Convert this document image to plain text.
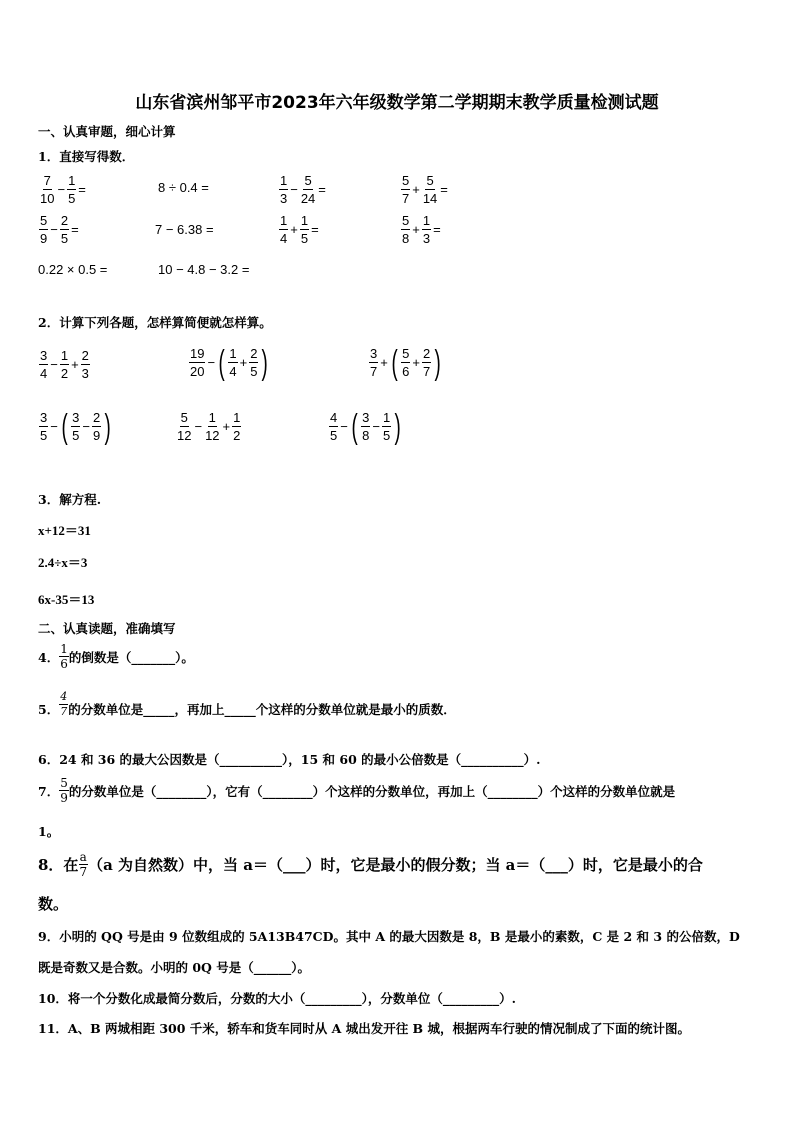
山东省滨州邹平市2023年六年级数学第二学期期末教学质量检测试题
一、认真审题，细心计算
1．直接写得数．
$\frac{7}{10} - \frac{1}{5}$ =	8 ÷ 0.4 =	$\frac{1}{3} - \frac{5}{24}$ =	$\frac{5}{7} + \frac{5}{14}$ =
$\frac{5}{9} - \frac{2}{5}$ =	7 − 6.38 =	$\frac{1}{4} + \frac{1}{5}$ =	$\frac{5}{8} + \frac{1}{3}$ =
0.22 × 0.5 =	10 − 4.8 − 3.2 =
2．计算下列各题，怎样算简便就怎样算。
$\frac{3}{4} - \frac{1}{2} + \frac{2}{3}$	$\frac{19}{20}$ − ( $\frac{1}{4} + \frac{2}{5}$ )	$\frac{3}{7}$ + ( $\frac{5}{6} + \frac{2}{7}$ )
$\frac{3}{5}$ − ( $\frac{3}{5} - \frac{2}{9}$ )	$\frac{5}{12} - \frac{1}{12} + \frac{1}{2}$	$\frac{4}{5}$ − ( $\frac{3}{8} - \frac{1}{5}$ )
3．解方程.
x+12＝31
2.4÷x＝3
6x-35＝13
二、认真读题，准确填写
4． $\frac{1}{6}$ 的倒数是（_______）。
5． $\frac{4}{7}$ 的分数单位是_____，再加上_____个这样的分数单位就是最小的质数．
6．24 和 36 的最大公因数是（__________），15 和 60 的最小公倍数是（__________）.
7． $\frac{5}{9}$ 的分数单位是（________），它有（________）个这样的分数单位，再加上（________）个这样的分数单位就是
1。
8．在 $\frac{a}{7} (a$ 为自然数）中，当 a＝（___）时，它是最小的假分数；当 a＝（___）时，它是最小的合
数。
9．小明的 QQ 号是由 9 位数组成的 5A13B47CD。其中 A 的最大因数是 8，B 是最小的素数，C 是 2 和 3 的公倍数，D
既是奇数又是合数。小明的 0Q 号是（______）。
10．将一个分数化成最简分数后，分数的大小（_________），分数单位（_________）.
11．A、B 两城相距 300 千米，轿车和货车同时从 A 城出发开往 B 城，根据两车行驶的情况制成了下面的统计图。
